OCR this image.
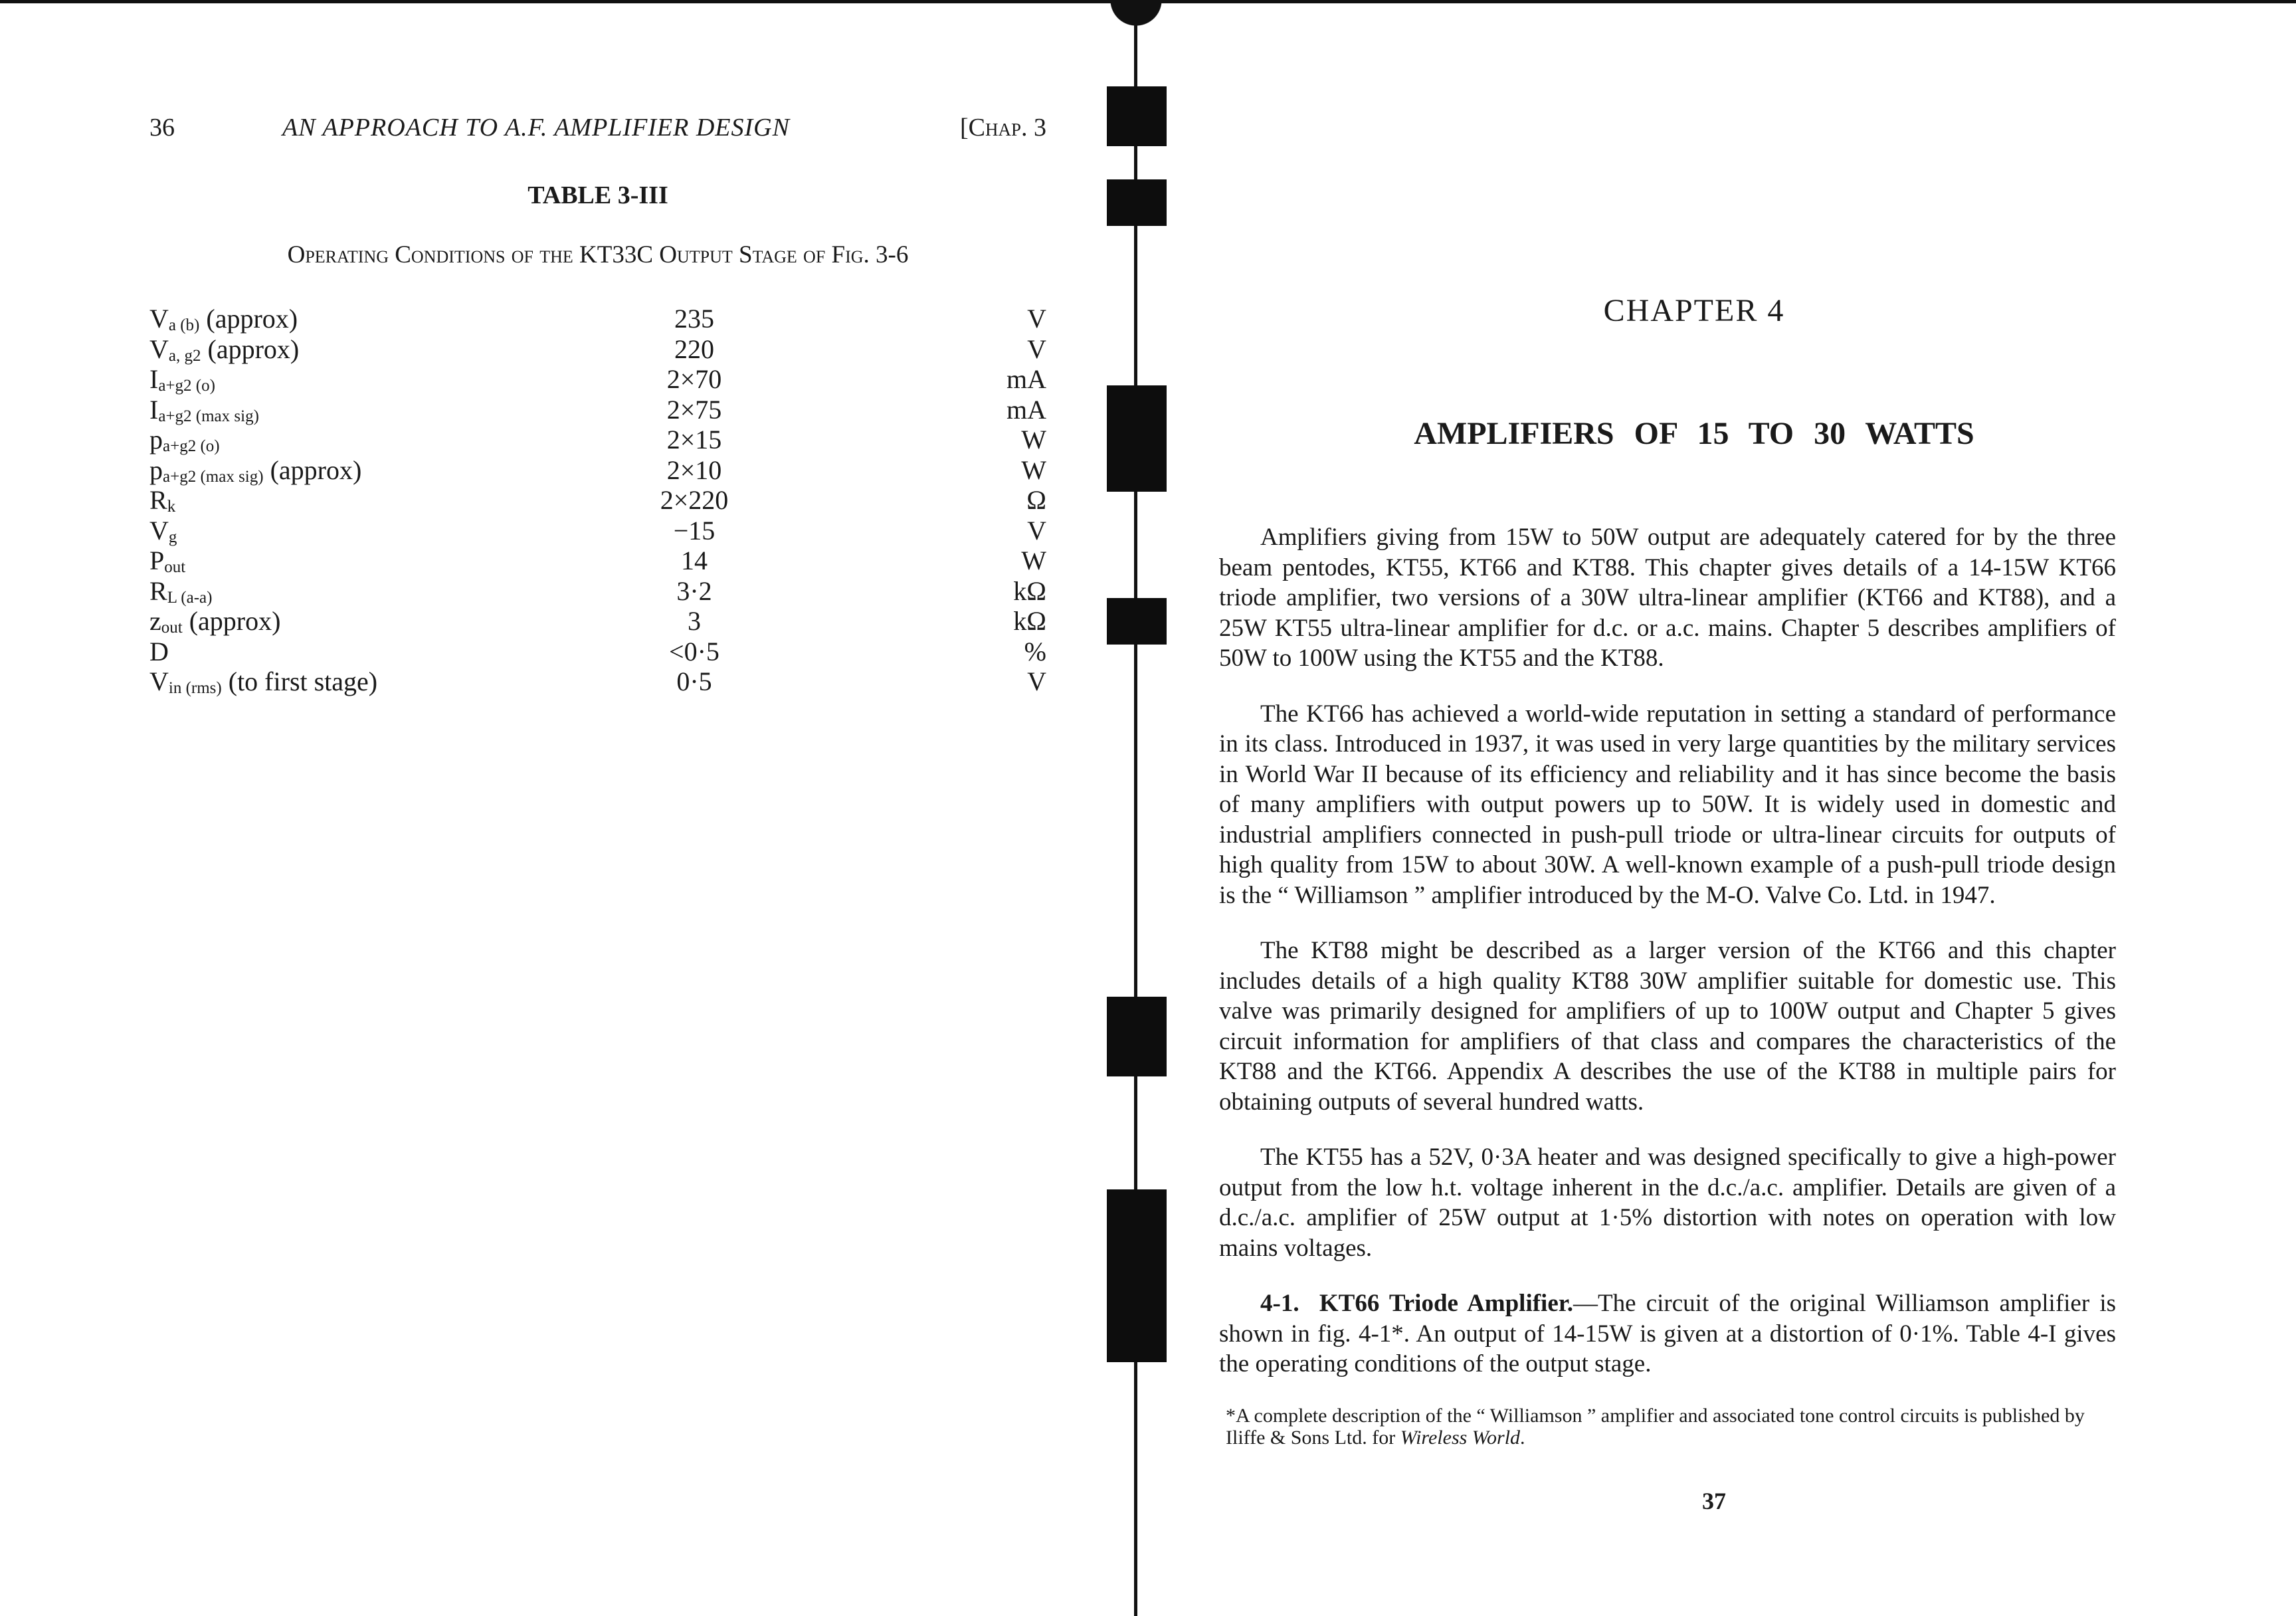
36	AN APPROACH TO A.F. AMPLIFIER DESIGN	[Chap. 3
TABLE 3-III
Operating Conditions of the KT33C Output Stage of Fig. 3-6
$V_{a (b)}$ (approx)	235	V
$V_{a, g2}$ (approx)	220	V
$I_{a+g2 (o)}$	2×70	mA
$I_{a+g2 (max sig)}$	2×75	mA
$p_{a+g2 (o)}$	2×15	W
$p_{a+g2 (max sig)}$ (approx)	2×10	W
$R_k$	2×220	Ω
$V_g$	−15	V
$P_{out}$	14	W
$R_{L (a-a)}$	3·2	kΩ
$z_{out}$ (approx)	3	kΩ
D	<0·5	%
$V_{in (rms)}$ (to first stage)	0·5	V
CHAPTER 4
AMPLIFIERS OF 15 TO 30 WATTS

Amplifiers giving from 15W to 50W output are adequately catered for by the three beam pentodes, KT55, KT66 and KT88. This chapter gives details of a 14-15W KT66 triode amplifier, two versions of a 30W ultra-linear amplifier (KT66 and KT88), and a 25W KT55 ultra-linear amplifier for d.c. or a.c. mains. Chapter 5 describes amplifiers of 50W to 100W using the KT55 and the KT88.

The KT66 has achieved a world-wide reputation in setting a standard of performance in its class. Introduced in 1937, it was used in very large quantities by the military services in World War II because of its efficiency and reliability and it has since become the basis of many amplifiers with output powers up to 50W. It is widely used in domestic and industrial amplifiers connected in push-pull triode or ultra-linear circuits for outputs of high quality from 15W to about 30W. A well-known example of a push-pull triode design is the “ Williamson ” amplifier introduced by the M-O. Valve Co. Ltd. in 1947.

The KT88 might be described as a larger version of the KT66 and this chapter includes details of a high quality KT88 30W amplifier suitable for domestic use. This valve was primarily designed for amplifiers of up to 100W output and Chapter 5 gives circuit information for amplifiers of that class and compares the characteristics of the KT88 and the KT66. Appendix A describes the use of the KT88 in multiple pairs for obtaining outputs of several hundred watts.

The KT55 has a 52V, 0·3A heater and was designed specifically to give a high-power output from the low h.t. voltage inherent in the d.c./a.c. amplifier. Details are given of a d.c./a.c. amplifier of 25W output at 1·5% distortion with notes on operation with low mains voltages.

4-1. KT66 Triode Amplifier.—The circuit of the original Williamson amplifier is shown in fig. 4-1*. An output of 14-15W is given at a distortion of 0·1%. Table 4-I gives the operating conditions of the output stage.

*A complete description of the “ Williamson ” amplifier and associated tone control circuits is published by Iliffe & Sons Ltd. for Wireless World.
37
